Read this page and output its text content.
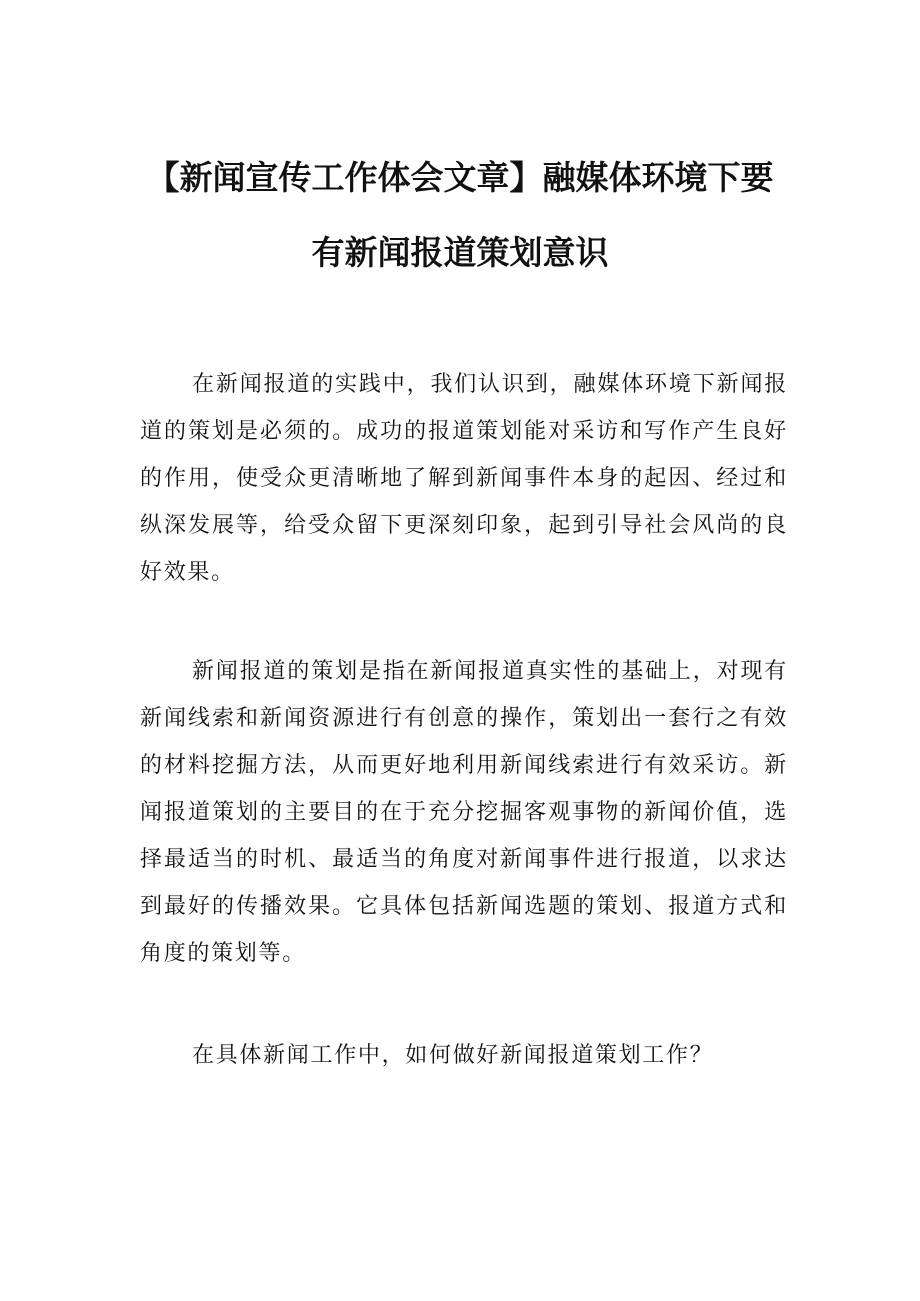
【新闻宣传工作体会文章】融媒体环境下要
有新闻报道策划意识

在新闻报道的实践中，我们认识到，融媒体环境下新闻报道的策划是必须的。成功的报道策划能对采访和写作产生良好的作用，使受众更清晰地了解到新闻事件本身的起因、经过和纵深发展等，给受众留下更深刻印象，起到引导社会风尚的良好效果。

新闻报道的策划是指在新闻报道真实性的基础上，对现有新闻线索和新闻资源进行有创意的操作，策划出一套行之有效的材料挖掘方法，从而更好地利用新闻线索进行有效采访。新闻报道策划的主要目的在于充分挖掘客观事物的新闻价值，选择最适当的时机、最适当的角度对新闻事件进行报道，以求达到最好的传播效果。它具体包括新闻选题的策划、报道方式和角度的策划等。

在具体新闻工作中，如何做好新闻报道策划工作？
